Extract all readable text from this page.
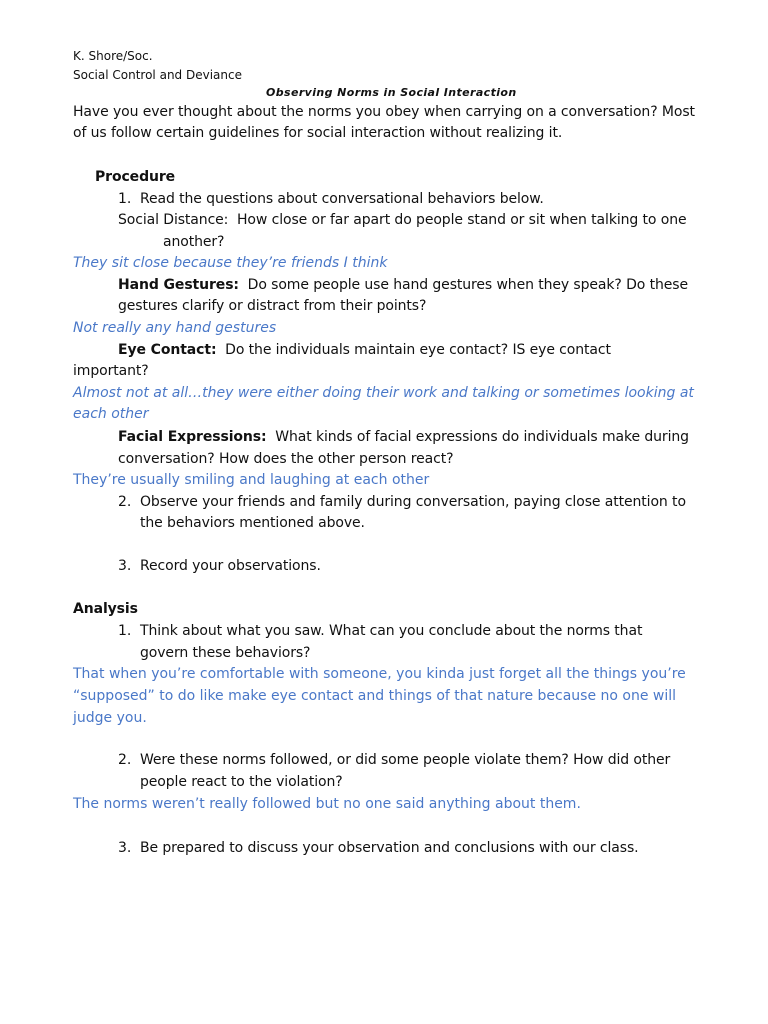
K. Shore/Soc.
Social Control and Deviance
Observing Norms in Social Interaction
Have you ever thought about the norms you obey when carrying on a conversation? Most
of us follow certain guidelines for social interaction without realizing it.
Procedure
1. Read the questions about conversational behaviors below.
Social Distance: How close or far apart do people stand or sit when talking to one
another?
They sit close because they’re friends I think
Hand Gestures: Do some people use hand gestures when they speak? Do these
gestures clarify or distract from their points?
Not really any hand gestures
Eye Contact: Do the individuals maintain eye contact? IS eye contact
important?
Almost not at all…they were either doing their work and talking or sometimes looking at
each other
Facial Expressions: What kinds of facial expressions do individuals make during
conversation? How does the other person react?
They’re usually smiling and laughing at each other
2. Observe your friends and family during conversation, paying close attention to
the behaviors mentioned above.
3. Record your observations.
Analysis
1. Think about what you saw. What can you conclude about the norms that
govern these behaviors?
That when you’re comfortable with someone, you kinda just forget all the things you’re
“supposed” to do like make eye contact and things of that nature because no one will
judge you.
2. Were these norms followed, or did some people violate them? How did other
people react to the violation?
The norms weren’t really followed but no one said anything about them.
3. Be prepared to discuss your observation and conclusions with our class.
